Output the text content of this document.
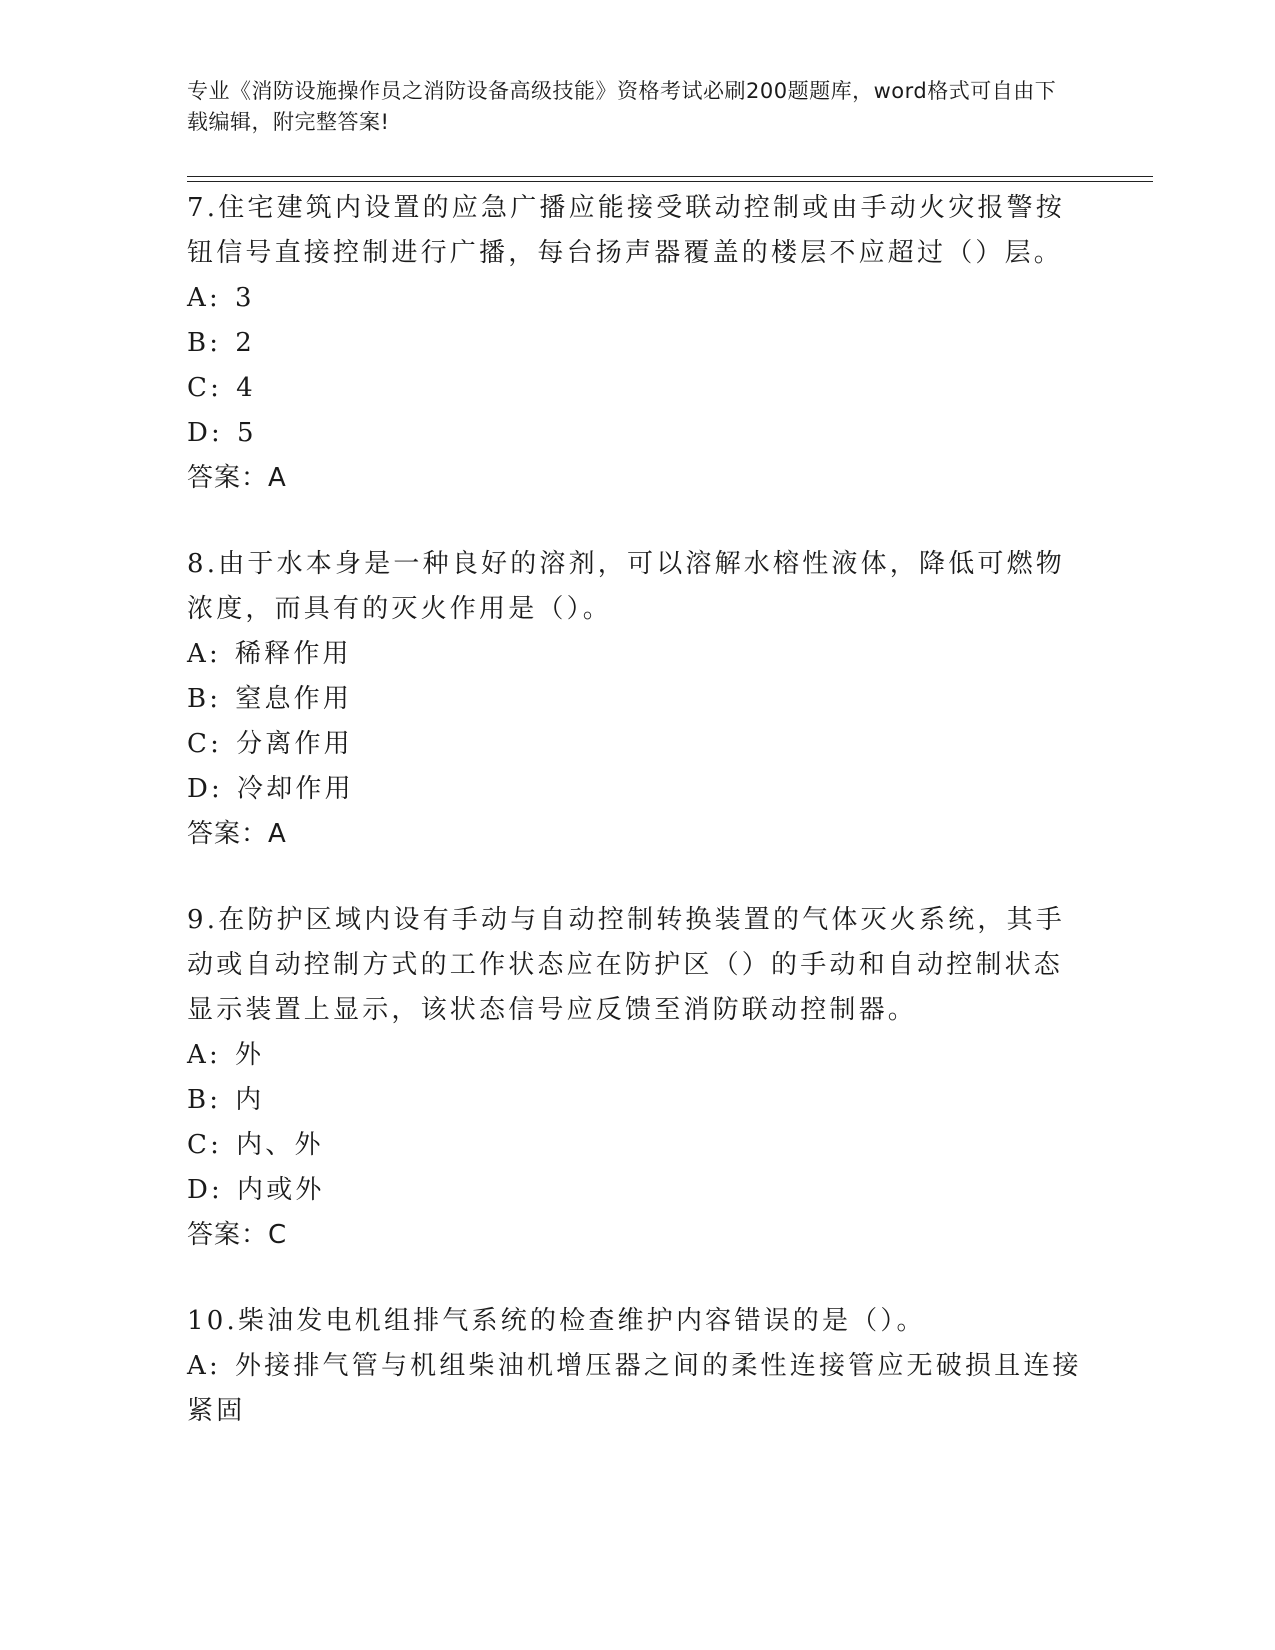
专业《消防设施操作员之消防设备高级技能》资格考试必刷200题题库，word格式可自由下载编辑，附完整答案!

7.住宅建筑内设置的应急广播应能接受联动控制或由手动火灾报警按钮信号直接控制进行广播，每台扬声器覆盖的楼层不应超过（）层。

A: 3

B: 2

C: 4

D: 5

答案：A

8.由于水本身是一种良好的溶剂，可以溶解水榕性液体，降低可燃物浓度，而具有的灭火作用是（）。

A: 稀释作用

B: 窒息作用

C: 分离作用

D: 冷却作用

答案：A

9.在防护区域内设有手动与自动控制转换装置的气体灭火系统，其手动或自动控制方式的工作状态应在防护区（）的手动和自动控制状态显示装置上显示，该状态信号应反馈至消防联动控制器。

A: 外

B: 内

C: 内、外

D: 内或外

答案：C

10.柴油发电机组排气系统的检查维护内容错误的是（）。

A: 外接排气管与机组柴油机增压器之间的柔性连接管应无破损且连接紧固
